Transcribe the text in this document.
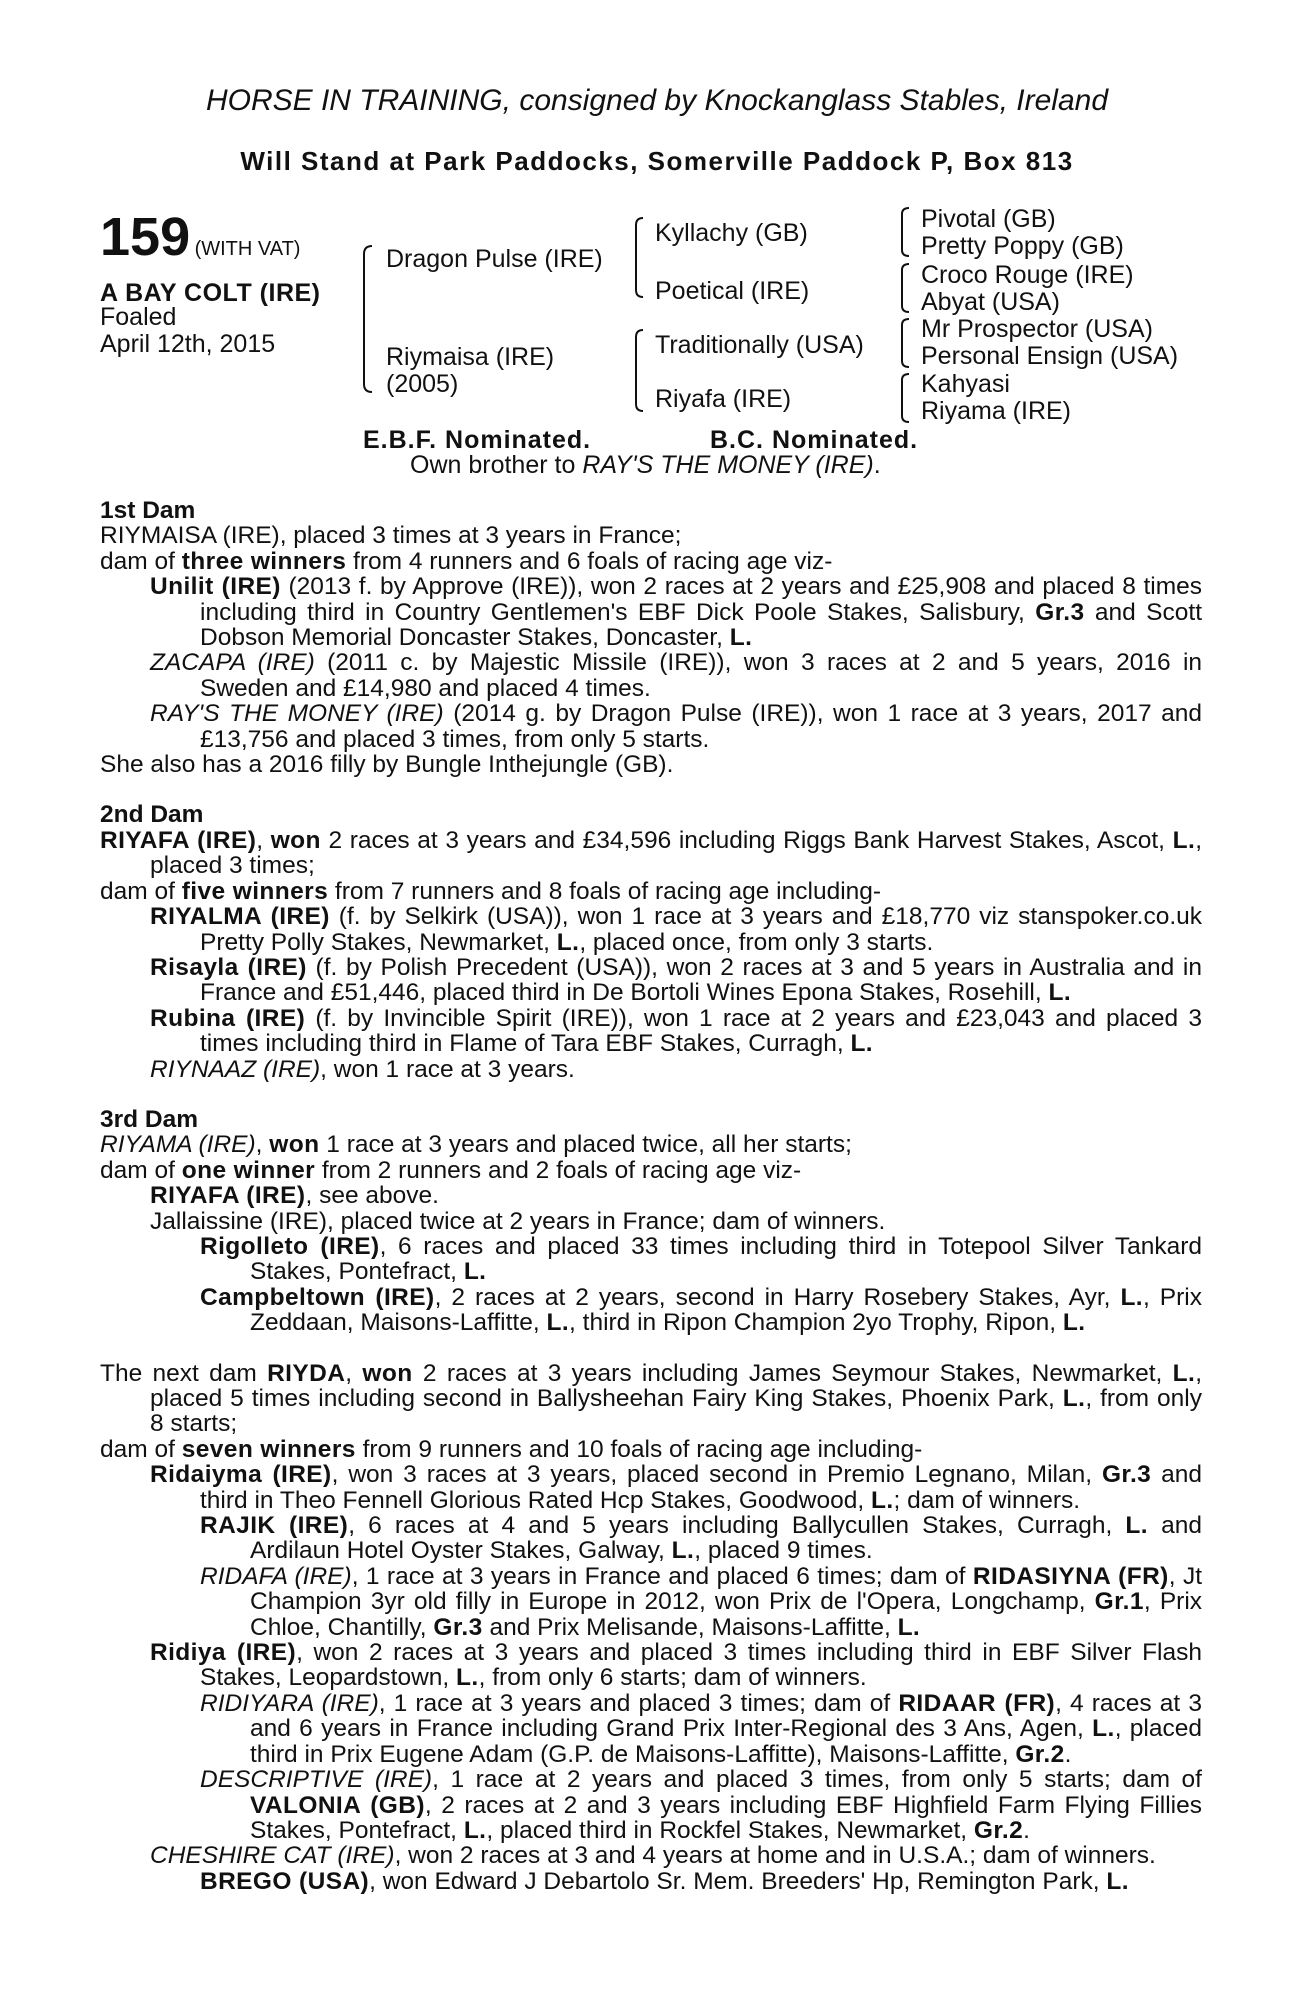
HORSE IN TRAINING, consigned by Knockanglass Stables, Ireland
Will Stand at Park Paddocks, Somerville Paddock P, Box 813
159 (WITH VAT)
A BAY COLT (IRE)
Foaled
April 12th, 2015
Dragon Pulse (IRE)
Riymaisa (IRE)
(2005)
Kyllachy (GB)
Poetical (IRE)
Traditionally (USA)
Riyafa (IRE)
Pivotal (GB)
Pretty Poppy (GB)
Croco Rouge (IRE)
Abyat (USA)
Mr Prospector (USA)
Personal Ensign (USA)
Kahyasi
Riyama (IRE)
E.B.F. Nominated.	B.C. Nominated.
Own brother to RAY'S THE MONEY (IRE).
1st Dam
RIYMAISA (IRE), placed 3 times at 3 years in France;
dam of three winners from 4 runners and 6 foals of racing age viz-
Unilit (IRE) (2013 f. by Approve (IRE)), won 2 races at 2 years and £25,908 and placed 8 times including third in Country Gentlemen's EBF Dick Poole Stakes, Salisbury, Gr.3 and Scott Dobson Memorial Doncaster Stakes, Doncaster, L.
ZACAPA (IRE) (2011 c. by Majestic Missile (IRE)), won 3 races at 2 and 5 years, 2016 in Sweden and £14,980 and placed 4 times.
RAY'S THE MONEY (IRE) (2014 g. by Dragon Pulse (IRE)), won 1 race at 3 years, 2017 and £13,756 and placed 3 times, from only 5 starts.
She also has a 2016 filly by Bungle Inthejungle (GB).
2nd Dam
RIYAFA (IRE), won 2 races at 3 years and £34,596 including Riggs Bank Harvest Stakes, Ascot, L., placed 3 times;
dam of five winners from 7 runners and 8 foals of racing age including-
RIYALMA (IRE) (f. by Selkirk (USA)), won 1 race at 3 years and £18,770 viz stanspoker.co.uk Pretty Polly Stakes, Newmarket, L., placed once, from only 3 starts.
Risayla (IRE) (f. by Polish Precedent (USA)), won 2 races at 3 and 5 years in Australia and in France and £51,446, placed third in De Bortoli Wines Epona Stakes, Rosehill, L.
Rubina (IRE) (f. by Invincible Spirit (IRE)), won 1 race at 2 years and £23,043 and placed 3 times including third in Flame of Tara EBF Stakes, Curragh, L.
RIYNAAZ (IRE), won 1 race at 3 years.
3rd Dam
RIYAMA (IRE), won 1 race at 3 years and placed twice, all her starts;
dam of one winner from 2 runners and 2 foals of racing age viz-
RIYAFA (IRE), see above.
Jallaissine (IRE), placed twice at 2 years in France; dam of winners.
Rigolleto (IRE), 6 races and placed 33 times including third in Totepool Silver Tankard Stakes, Pontefract, L.
Campbeltown (IRE), 2 races at 2 years, second in Harry Rosebery Stakes, Ayr, L., Prix Zeddaan, Maisons-Laffitte, L., third in Ripon Champion 2yo Trophy, Ripon, L.
The next dam RIYDA, won 2 races at 3 years including James Seymour Stakes, Newmarket, L., placed 5 times including second in Ballysheehan Fairy King Stakes, Phoenix Park, L., from only 8 starts;
dam of seven winners from 9 runners and 10 foals of racing age including-
Ridaiyma (IRE), won 3 races at 3 years, placed second in Premio Legnano, Milan, Gr.3 and third in Theo Fennell Glorious Rated Hcp Stakes, Goodwood, L.; dam of winners.
RAJIK (IRE), 6 races at 4 and 5 years including Ballycullen Stakes, Curragh, L. and Ardilaun Hotel Oyster Stakes, Galway, L., placed 9 times.
RIDAFA (IRE), 1 race at 3 years in France and placed 6 times; dam of RIDASIYNA (FR), Jt Champion 3yr old filly in Europe in 2012, won Prix de l'Opera, Longchamp, Gr.1, Prix Chloe, Chantilly, Gr.3 and Prix Melisande, Maisons-Laffitte, L.
Ridiya (IRE), won 2 races at 3 years and placed 3 times including third in EBF Silver Flash Stakes, Leopardstown, L., from only 6 starts; dam of winners.
RIDIYARA (IRE), 1 race at 3 years and placed 3 times; dam of RIDAAR (FR), 4 races at 3 and 6 years in France including Grand Prix Inter-Regional des 3 Ans, Agen, L., placed third in Prix Eugene Adam (G.P. de Maisons-Laffitte), Maisons-Laffitte, Gr.2.
DESCRIPTIVE (IRE), 1 race at 2 years and placed 3 times, from only 5 starts; dam of VALONIA (GB), 2 races at 2 and 3 years including EBF Highfield Farm Flying Fillies Stakes, Pontefract, L., placed third in Rockfel Stakes, Newmarket, Gr.2.
CHESHIRE CAT (IRE), won 2 races at 3 and 4 years at home and in U.S.A.; dam of winners.
BREGO (USA), won Edward J Debartolo Sr. Mem. Breeders' Hp, Remington Park, L.
